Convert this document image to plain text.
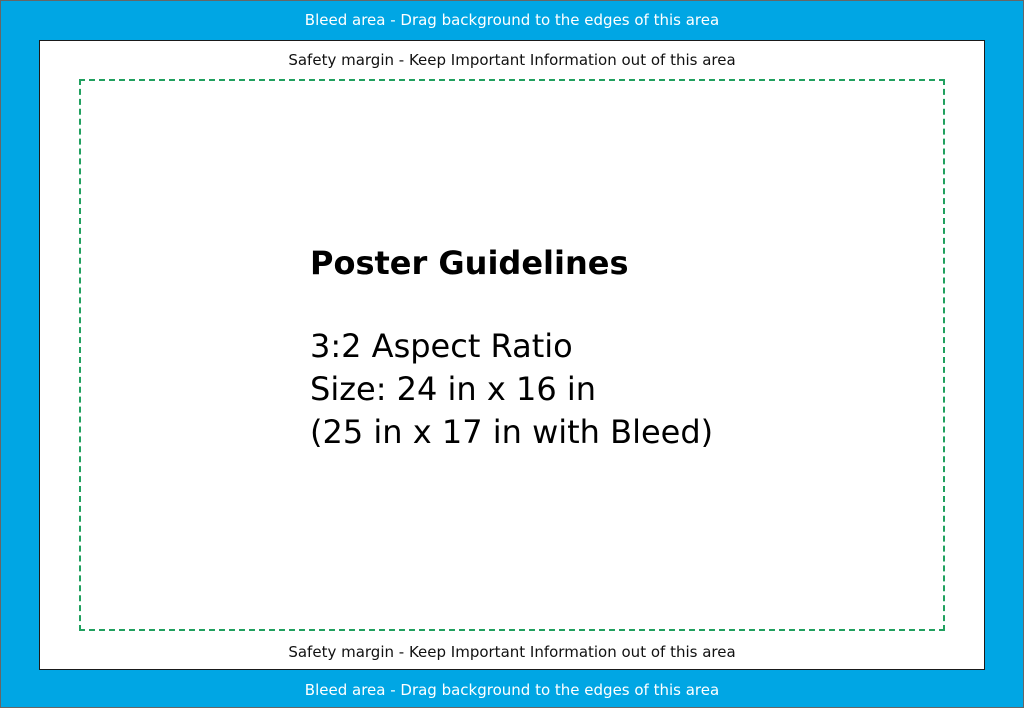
Bleed area - Drag background to the edges of this area
Safety margin - Keep Important Information out of this area
Safety margin - Keep Important Information out of this area
Poster Guidelines
3:2 Aspect Ratio
Size: 24 in x 16 in
(25 in x 17 in with Bleed)
Bleed area - Drag background to the edges of this area
